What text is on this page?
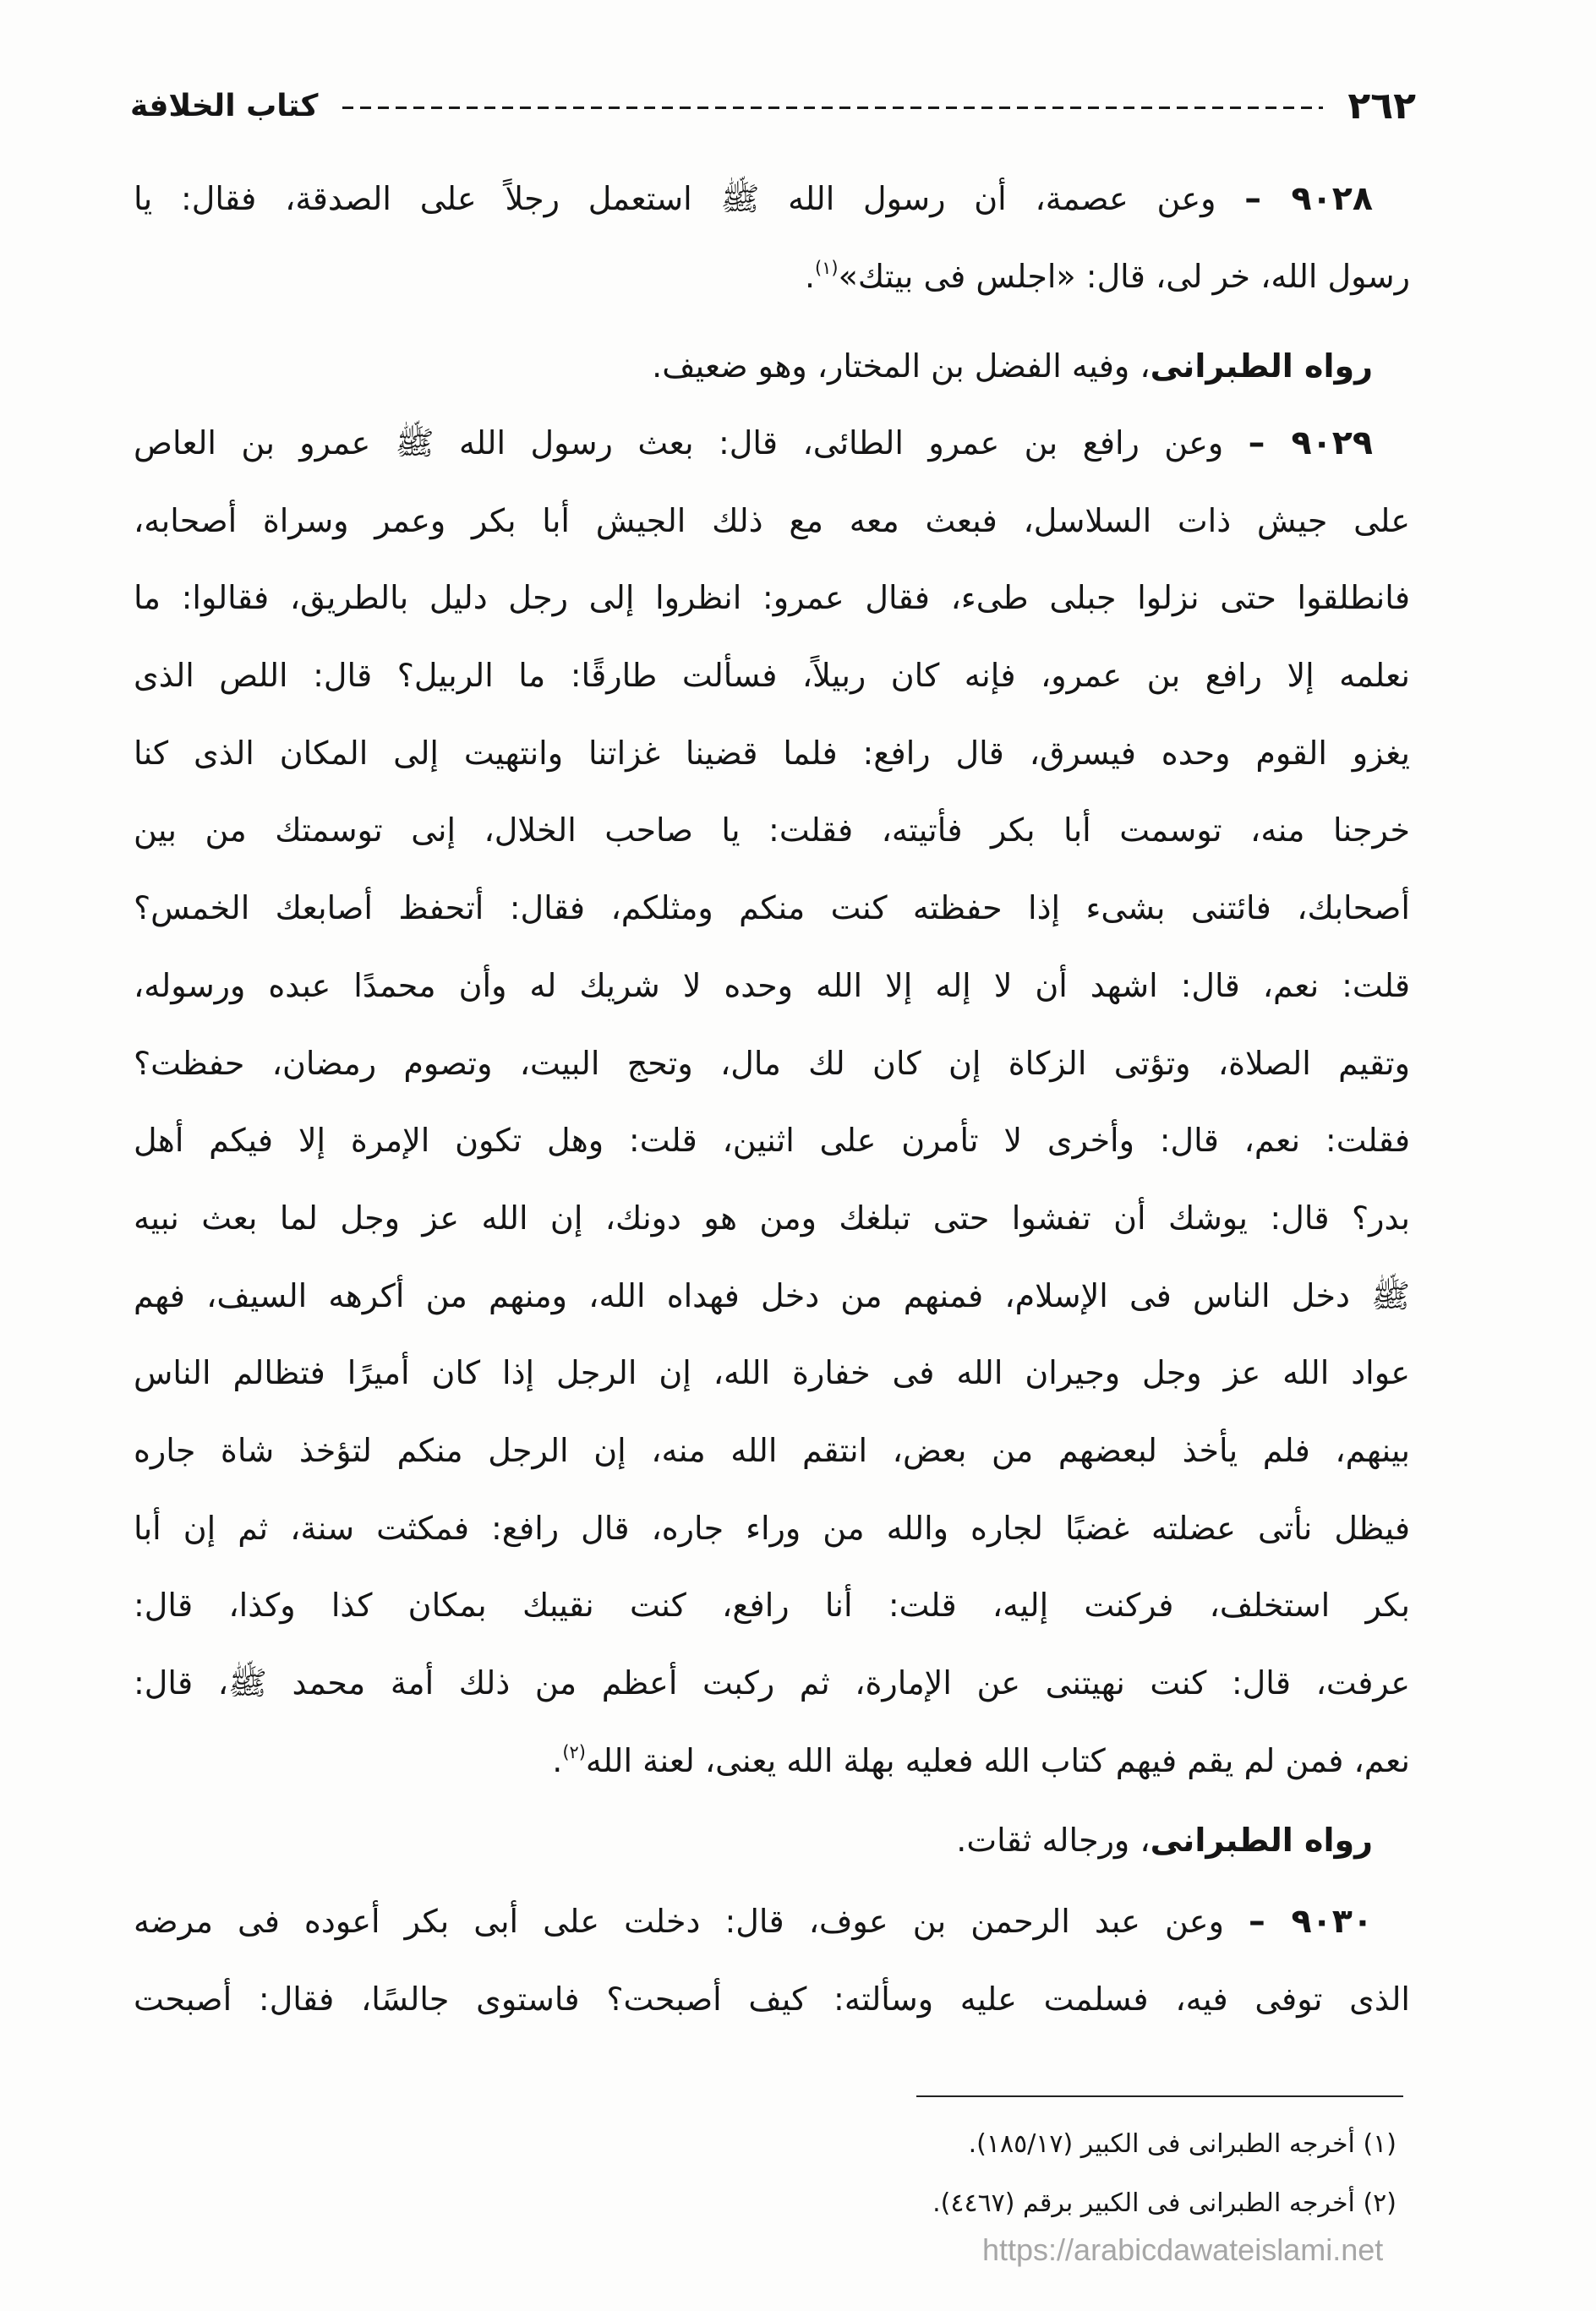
٢٦٢
كتاب الخلافة
٩٠٢٨ – وعن عصمة، أن رسول الله ﷺ استعمل رجلاً على الصدقة، فقال: يا
رسول الله، خر لى، قال: «اجلس فى بيتك»$^{(١)}$.
رواه الطبرانى، وفيه الفضل بن المختار، وهو ضعيف.
٩٠٢٩ – وعن رافع بن عمرو الطائى، قال: بعث رسول الله ﷺ عمرو بن العاص
على جيش ذات السلاسل، فبعث معه مع ذلك الجيش أبا بكر وعمر وسراة أصحابه،
فانطلقوا حتى نزلوا جبلى طىء، فقال عمرو: انظروا إلى رجل دليل بالطريق، فقالوا: ما
نعلمه إلا رافع بن عمرو، فإنه كان ربيلاً، فسألت طارقًا: ما الربيل؟ قال: اللص الذى
يغزو القوم وحده فيسرق، قال رافع: فلما قضينا غزاتنا وانتهيت إلى المكان الذى كنا
خرجنا منه، توسمت أبا بكر فأتيته، فقلت: يا صاحب الخلال، إنى توسمتك من بين
أصحابك، فائتنى بشىء إذا حفظته كنت منكم ومثلكم، فقال: أتحفظ أصابعك الخمس؟
قلت: نعم، قال: اشهد أن لا إله إلا الله وحده لا شريك له وأن محمدًا عبده ورسوله،
وتقيم الصلاة، وتؤتى الزكاة إن كان لك مال، وتحج البيت، وتصوم رمضان، حفظت؟
فقلت: نعم، قال: وأخرى لا تأمرن على اثنين، قلت: وهل تكون الإمرة إلا فيكم أهل
بدر؟ قال: يوشك أن تفشوا حتى تبلغك ومن هو دونك، إن الله عز وجل لما بعث نبيه
ﷺ دخل الناس فى الإسلام، فمنهم من دخل فهداه الله، ومنهم من أكرهه السيف، فهم
عواد الله عز وجل وجيران الله فى خفارة الله، إن الرجل إذا كان أميرًا فتظالم الناس
بينهم، فلم يأخذ لبعضهم من بعض، انتقم الله منه، إن الرجل منكم لتؤخذ شاة جاره
فيظل نأتى عضلته غضبًا لجاره والله من وراء جاره، قال رافع: فمكثت سنة، ثم إن أبا
بكر استخلف، فركنت إليه، قلت: أنا رافع، كنت نقيبك بمكان كذا وكذا، قال:
عرفت، قال: كنت نهيتنى عن الإمارة، ثم ركبت أعظم من ذلك أمة محمد ﷺ، قال:
نعم، فمن لم يقم فيهم كتاب الله فعليه بهلة الله يعنى، لعنة الله$^{(٢)}$.
رواه الطبرانى، ورجاله ثقات.
٩٠٣٠ – وعن عبد الرحمن بن عوف، قال: دخلت على أبى بكر أعوده فى مرضه
الذى توفى فيه، فسلمت عليه وسألته: كيف أصبحت؟ فاستوى جالسًا، فقال: أصبحت
(١) أخرجه الطبرانى فى الكبير (١٨٥/١٧).
(٢) أخرجه الطبرانى فى الكبير برقم (٤٤٦٧).
https://arabicdawateislami.net
